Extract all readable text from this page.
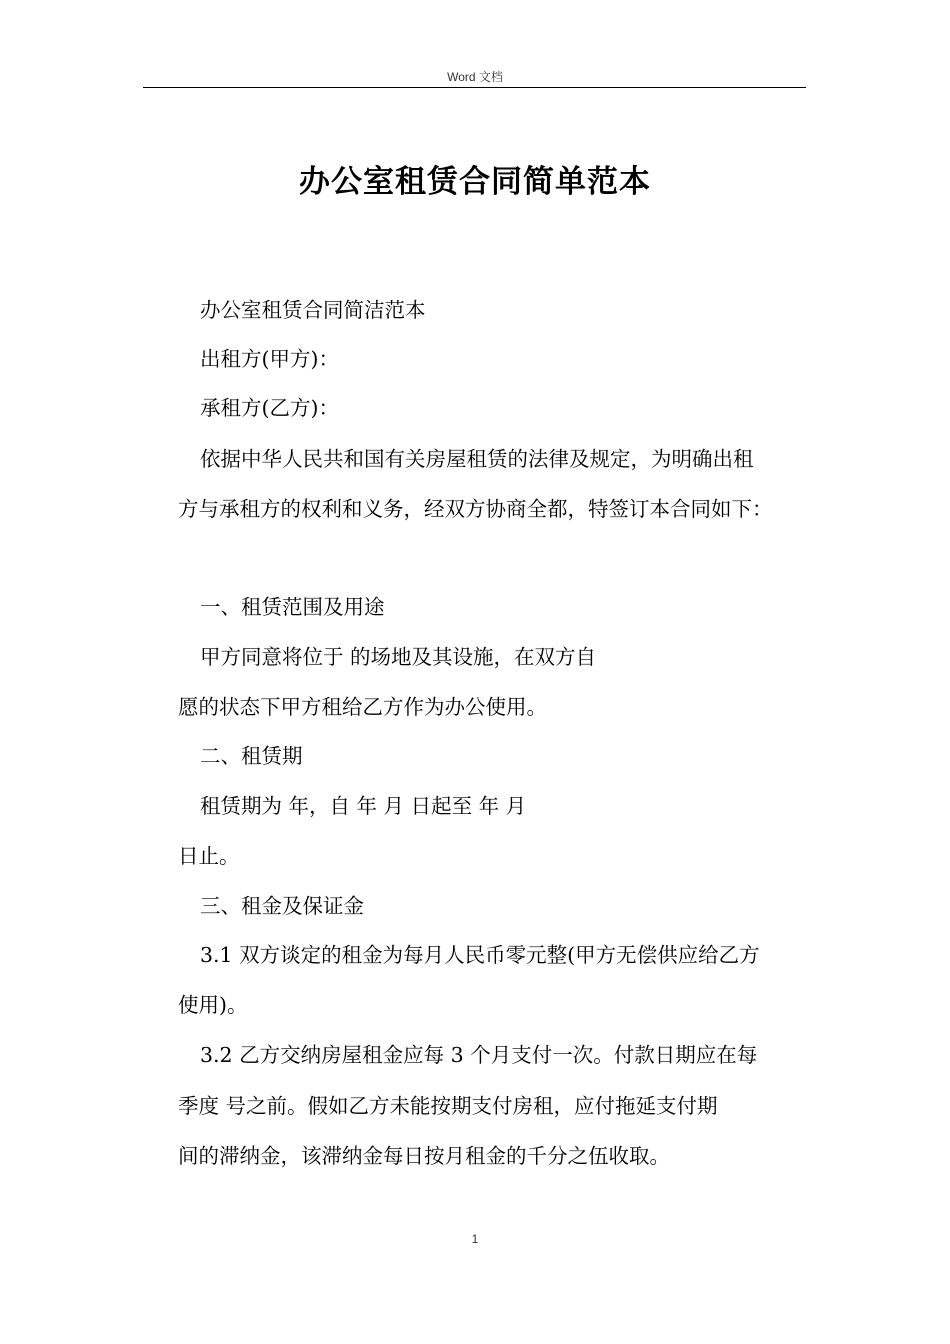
Word 文档
办公室租赁合同简单范本
办公室租赁合同简洁范本
出租方(甲方)：
承租方(乙方)：
依据中华人民共和国有关房屋租赁的法律及规定，为明确出租
方与承租方的权利和义务，经双方协商全都，特签订本合同如下：
一、租赁范围及用途
甲方同意将位于 的场地及其设施，在双方自
愿的状态下甲方租给乙方作为办公使用。
二、租赁期
租赁期为 年，自 年 月 日起至 年 月
日止。
三、租金及保证金
3.1 双方谈定的租金为每月人民币零元整(甲方无偿供应给乙方
使用)。
3.2 乙方交纳房屋租金应每 3 个月支付一次。付款日期应在每
季度 号之前。假如乙方未能按期支付房租，应付拖延支付期
间的滞纳金，该滞纳金每日按月租金的千分之伍收取。
1
